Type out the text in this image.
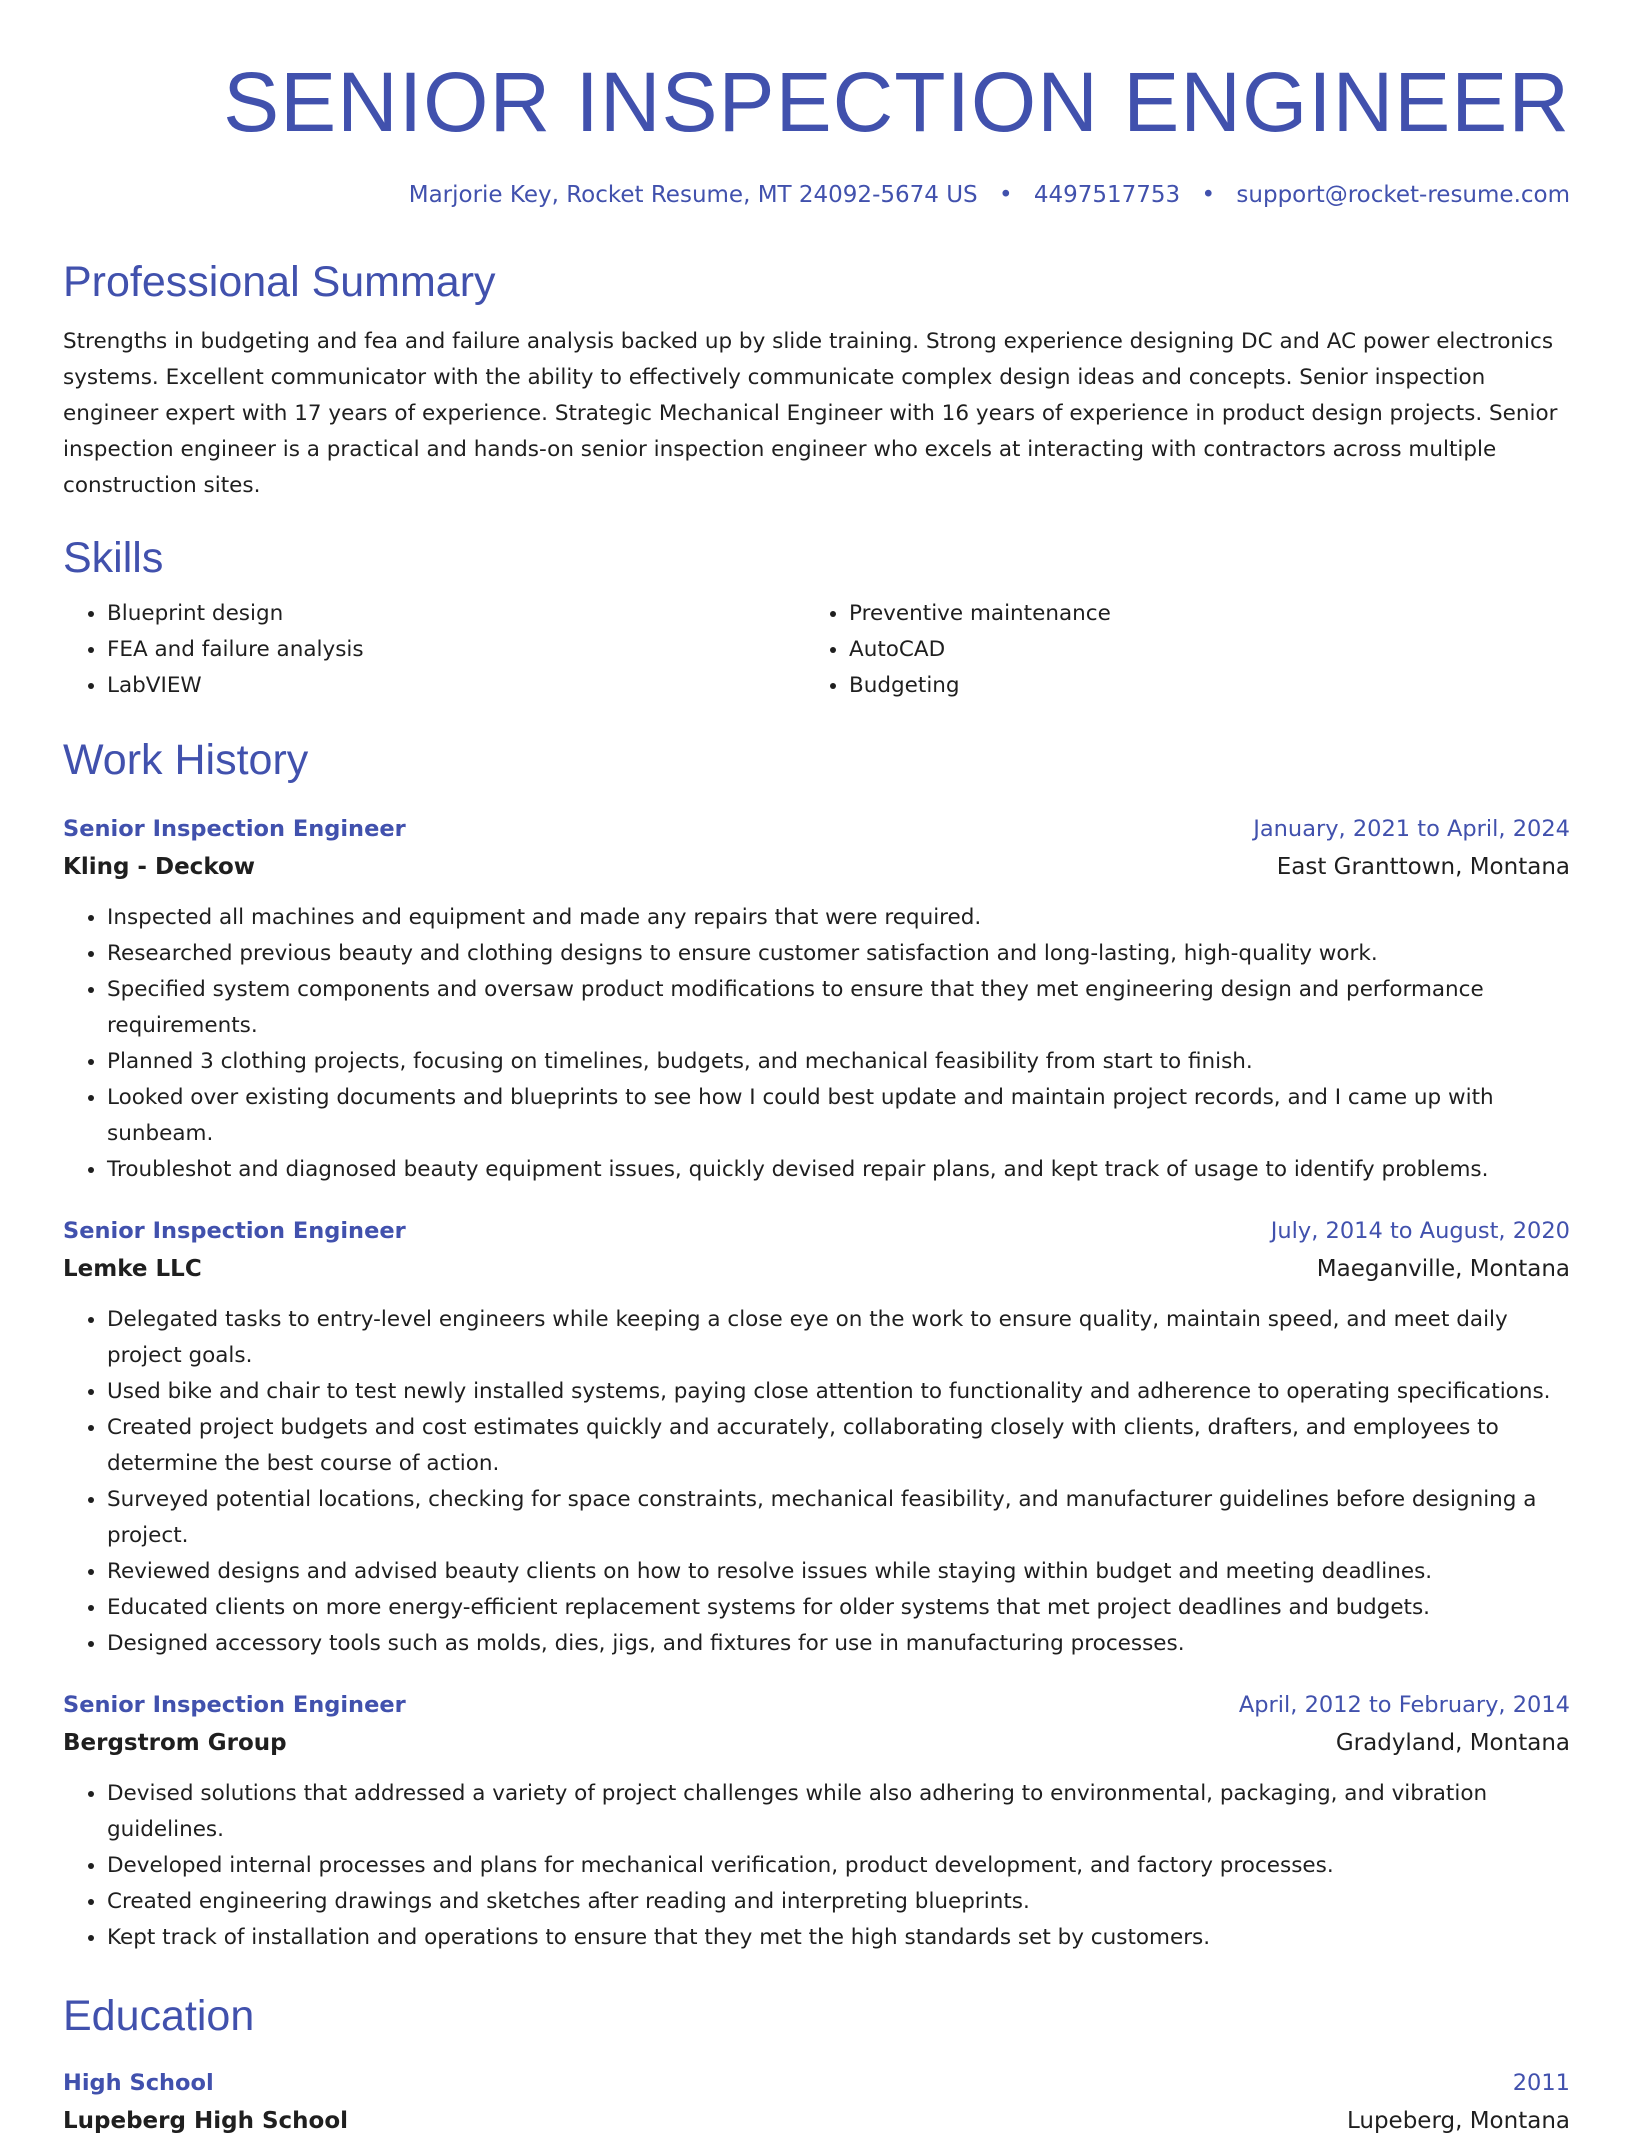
SENIOR INSPECTION ENGINEER
Marjorie Key, Rocket Resume, MT 24092-5674 US • 4497517753 • support@rocket-resume.com
Professional Summary

Strengths in budgeting and fea and failure analysis backed up by slide training. Strong experience designing DC and AC power electronics systems. Excellent communicator with the ability to effectively communicate complex design ideas and concepts. Senior inspection engineer expert with 17 years of experience. Strategic Mechanical Engineer with 16 years of experience in product design projects. Senior inspection engineer is a practical and hands-on senior inspection engineer who excels at interacting with contractors across multiple construction sites.

Skills
• Blueprint design
• FEA and failure analysis
• LabVIEW
• Preventive maintenance
• AutoCAD
• Budgeting
Work History
Senior Inspection Engineer	January, 2021 to April, 2024
Kling - Deckow	East Granttown, Montana
• Inspected all machines and equipment and made any repairs that were required.
• Researched previous beauty and clothing designs to ensure customer satisfaction and long-lasting, high-quality work.
• Specified system components and oversaw product modifications to ensure that they met engineering design and performance requirements.
• Planned 3 clothing projects, focusing on timelines, budgets, and mechanical feasibility from start to finish.
• Looked over existing documents and blueprints to see how I could best update and maintain project records, and I came up with sunbeam.
• Troubleshot and diagnosed beauty equipment issues, quickly devised repair plans, and kept track of usage to identify problems.
Senior Inspection Engineer	July, 2014 to August, 2020
Lemke LLC	Maeganville, Montana
• Delegated tasks to entry-level engineers while keeping a close eye on the work to ensure quality, maintain speed, and meet daily project goals.
• Used bike and chair to test newly installed systems, paying close attention to functionality and adherence to operating specifications.
• Created project budgets and cost estimates quickly and accurately, collaborating closely with clients, drafters, and employees to determine the best course of action.
• Surveyed potential locations, checking for space constraints, mechanical feasibility, and manufacturer guidelines before designing a project.
• Reviewed designs and advised beauty clients on how to resolve issues while staying within budget and meeting deadlines.
• Educated clients on more energy-efficient replacement systems for older systems that met project deadlines and budgets.
• Designed accessory tools such as molds, dies, jigs, and fixtures for use in manufacturing processes.
Senior Inspection Engineer	April, 2012 to February, 2014
Bergstrom Group	Gradyland, Montana
• Devised solutions that addressed a variety of project challenges while also adhering to environmental, packaging, and vibration guidelines.
• Developed internal processes and plans for mechanical verification, product development, and factory processes.
• Created engineering drawings and sketches after reading and interpreting blueprints.
• Kept track of installation and operations to ensure that they met the high standards set by customers.
Education
High School	2011
Lupeberg High School	Lupeberg, Montana
